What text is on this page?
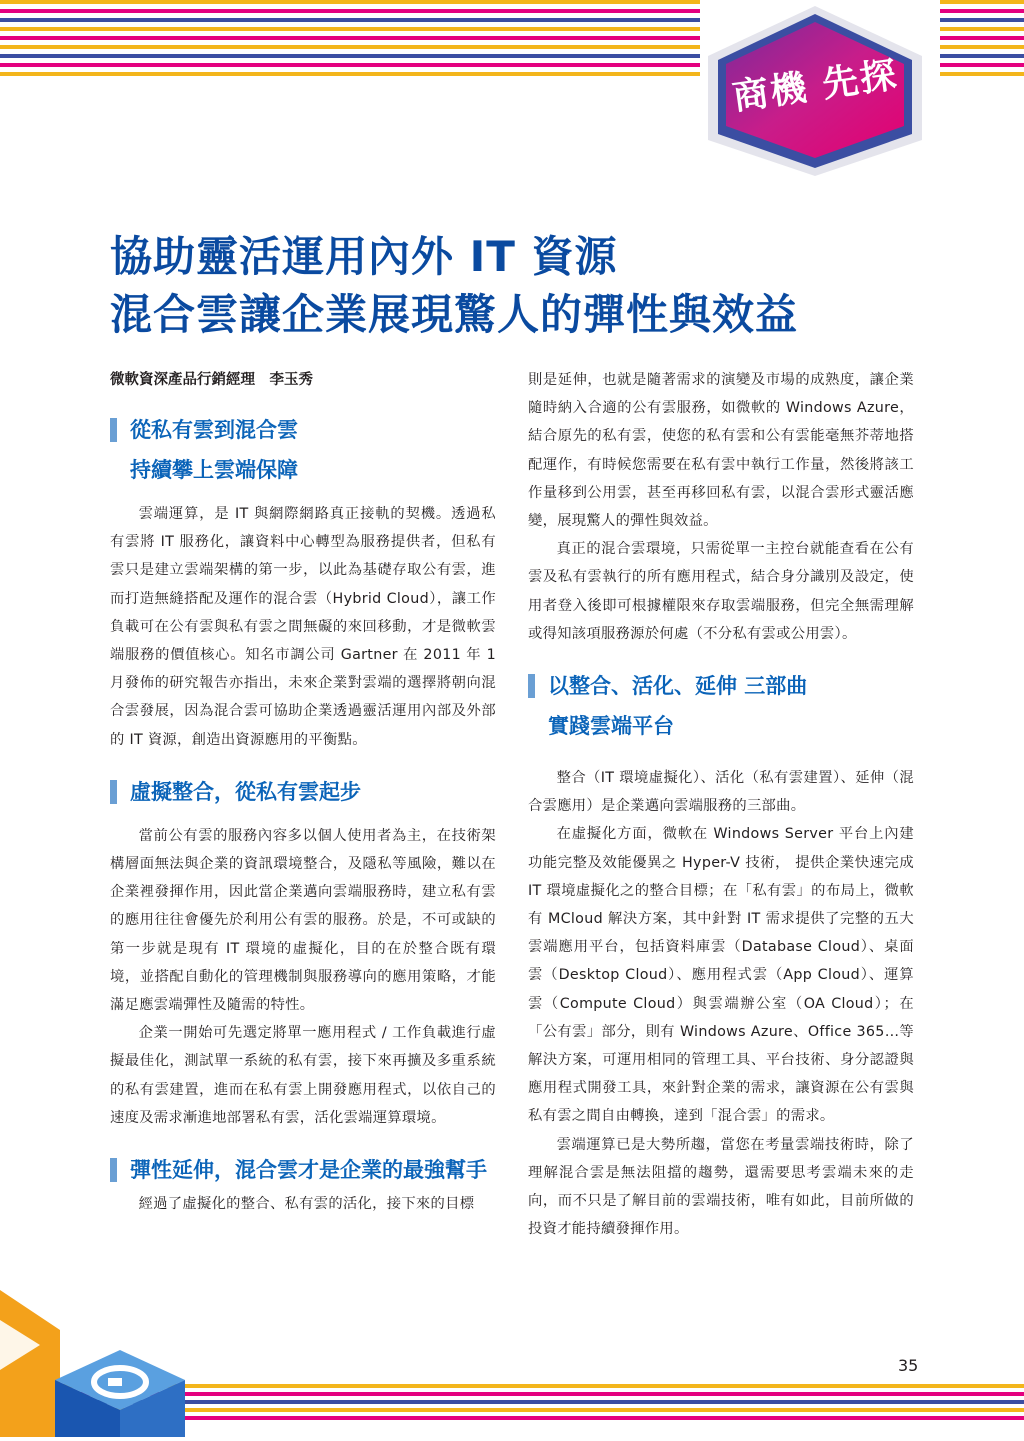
商機 先探
協助靈活運用內外 IT 資源
混合雲讓企業展現驚人的彈性與效益

微軟資深產品行銷經理　李玉秀

從私有雲到混合雲
持續攀上雲端保障

雲端運算，是 IT 與網際網路真正接軌的契機。透過私有雲將 IT 服務化，讓資料中心轉型為服務提供者，但私有雲只是建立雲端架構的第一步，以此為基礎存取公有雲，進而打造無縫搭配及運作的混合雲（Hybrid Cloud），讓工作負載可在公有雲與私有雲之間無礙的來回移動，才是微軟雲端服務的價值核心。知名市調公司 Gartner 在 2011 年 1 月發佈的研究報告亦指出，未來企業對雲端的選擇將朝向混合雲發展，因為混合雲可協助企業透過靈活運用內部及外部的 IT 資源，創造出資源應用的平衡點。

虛擬整合，從私有雲起步

當前公有雲的服務內容多以個人使用者為主，在技術架構層面無法與企業的資訊環境整合，及隱私等風險，難以在企業裡發揮作用，因此當企業邁向雲端服務時，建立私有雲的應用往往會優先於利用公有雲的服務。於是，不可或缺的第一步就是現有 IT 環境的虛擬化，目的在於整合既有環境，並搭配自動化的管理機制與服務導向的應用策略，才能滿足應雲端彈性及隨需的特性。

企業一開始可先選定將單一應用程式 / 工作負載進行虛擬最佳化，測試單一系統的私有雲，接下來再擴及多重系統的私有雲建置，進而在私有雲上開發應用程式，以依自己的速度及需求漸進地部署私有雲，活化雲端運算環境。

彈性延伸，混合雲才是企業的最強幫手

經過了虛擬化的整合、私有雲的活化，接下來的目標

則是延伸，也就是隨著需求的演變及市場的成熟度，讓企業隨時納入合適的公有雲服務，如微軟的 Windows Azure，結合原先的私有雲，使您的私有雲和公有雲能毫無芥蒂地搭配運作，有時候您需要在私有雲中執行工作量，然後將該工作量移到公用雲，甚至再移回私有雲，以混合雲形式靈活應變，展現驚人的彈性與效益。

真正的混合雲環境，只需從單一主控台就能查看在公有雲及私有雲執行的所有應用程式，結合身分識別及設定，使用者登入後即可根據權限來存取雲端服務，但完全無需理解或得知該項服務源於何處（不分私有雲或公用雲）。

以整合、活化、延伸 三部曲
實踐雲端平台

整合（IT 環境虛擬化）、活化（私有雲建置）、延伸（混合雲應用）是企業邁向雲端服務的三部曲。

在虛擬化方面，微軟在 Windows Server 平台上內建功能完整及效能優異之 Hyper-V 技術， 提供企業快速完成 IT 環境虛擬化之的整合目標；在「私有雲」的布局上，微軟有 MCloud 解決方案，其中針對 IT 需求提供了完整的五大雲端應用平台，包括資料庫雲（Database Cloud）、桌面雲（Desktop Cloud）、應用程式雲（App Cloud）、運算雲（Compute Cloud）與雲端辦公室（OA Cloud）；在「公有雲」部分，則有 Windows Azure、Office 365…等解決方案，可運用相同的管理工具、平台技術、身分認證與應用程式開發工具，來針對企業的需求，讓資源在公有雲與私有雲之間自由轉換，達到「混合雲」的需求。

雲端運算已是大勢所趨，當您在考量雲端技術時，除了理解混合雲是無法阻擋的趨勢，還需要思考雲端未來的走向，而不只是了解目前的雲端技術，唯有如此，目前所做的投資才能持續發揮作用。

35
